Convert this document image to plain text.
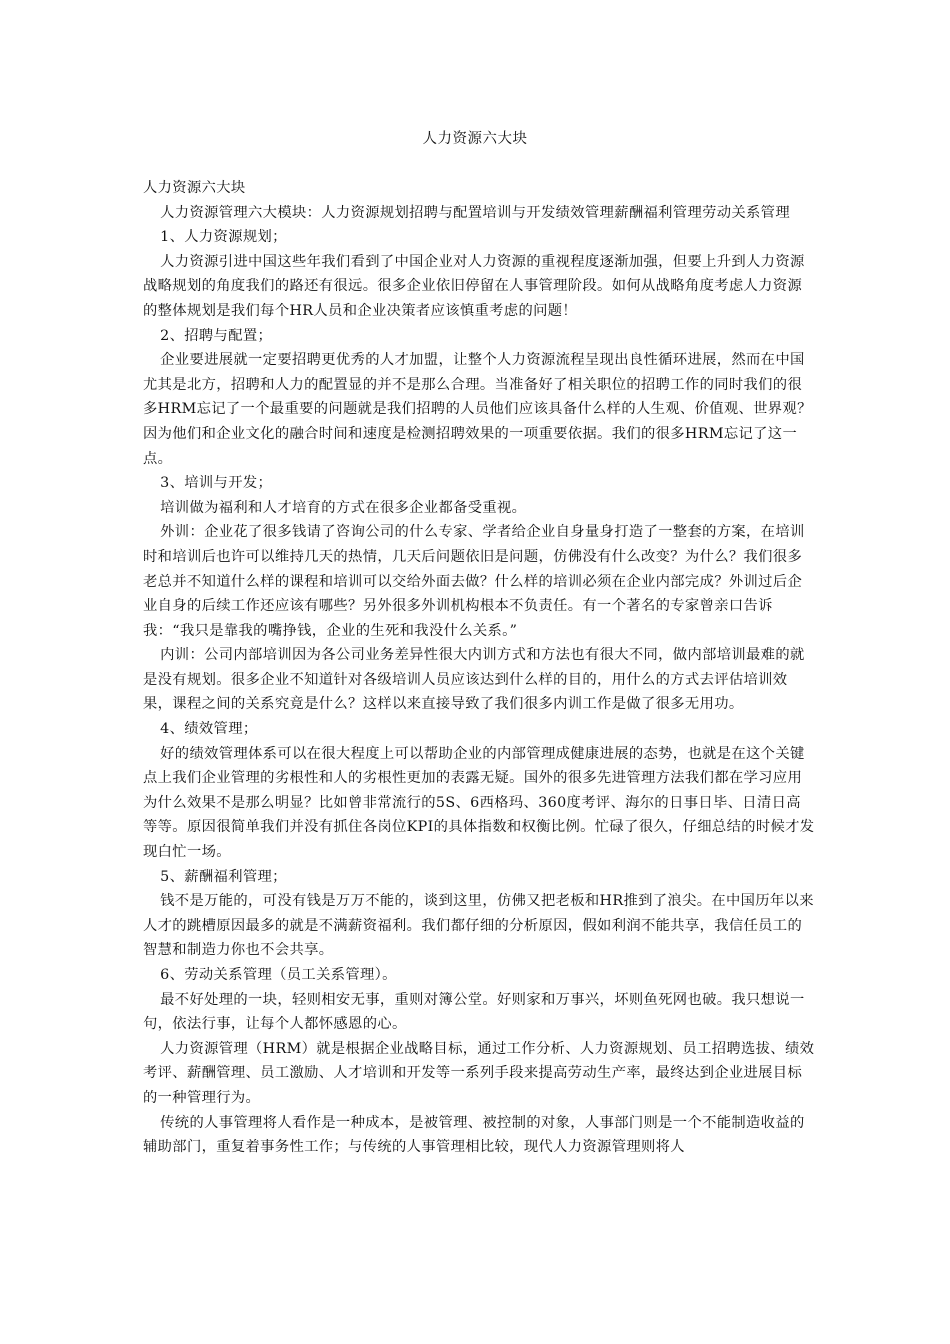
人力资源六大块

人力资源六大块

人力资源管理六大模块：人力资源规划招聘与配置培训与开发绩效管理薪酬福利管理劳动关系管理

1、人力资源规划；

人力资源引进中国这些年我们看到了中国企业对人力资源的重视程度逐渐加强，但要上升到人力资源战略规划的角度我们的路还有很远。很多企业依旧停留在人事管理阶段。如何从战略角度考虑人力资源的整体规划是我们每个HR人员和企业决策者应该慎重考虑的问题！

2、招聘与配置；

企业要进展就一定要招聘更优秀的人才加盟，让整个人力资源流程呈现出良性循环进展，然而在中国尤其是北方，招聘和人力的配置显的并不是那么合理。当准备好了相关职位的招聘工作的同时我们的很多HRM忘记了一个最重要的问题就是我们招聘的人员他们应该具备什么样的人生观、价值观、世界观？因为他们和企业文化的融合时间和速度是检测招聘效果的一项重要依据。我们的很多HRM忘记了这一点。

3、培训与开发；

培训做为福利和人才培育的方式在很多企业都备受重视。

外训：企业花了很多钱请了咨询公司的什么专家、学者给企业自身量身打造了一整套的方案，在培训时和培训后也许可以维持几天的热情，几天后问题依旧是问题，仿佛没有什么改变？为什么？我们很多老总并不知道什么样的课程和培训可以交给外面去做？什么样的培训必须在企业内部完成？外训过后企业自身的后续工作还应该有哪些？另外很多外训机构根本不负责任。有一个著名的专家曾亲口告诉我：“我只是靠我的嘴挣钱，企业的生死和我没什么关系。”

内训：公司内部培训因为各公司业务差异性很大内训方式和方法也有很大不同，做内部培训最难的就是没有规划。很多企业不知道针对各级培训人员应该达到什么样的目的，用什么的方式去评估培训效果，课程之间的关系究竟是什么？这样以来直接导致了我们很多内训工作是做了很多无用功。

4、绩效管理；

好的绩效管理体系可以在很大程度上可以帮助企业的内部管理成健康进展的态势，也就是在这个关键点上我们企业管理的劣根性和人的劣根性更加的表露无疑。国外的很多先进管理方法我们都在学习应用为什么效果不是那么明显？比如曾非常流行的5S、6西格玛、360度考评、海尔的日事日毕、日清日高等等。原因很简单我们并没有抓住各岗位KPI的具体指数和权衡比例。忙碌了很久，仔细总结的时候才发现白忙一场。

5、薪酬福利管理；

钱不是万能的，可没有钱是万万不能的，谈到这里，仿佛又把老板和HR推到了浪尖。在中国历年以来人才的跳槽原因最多的就是不满薪资福利。我们都仔细的分析原因，假如利润不能共享，我信任员工的智慧和制造力你也不会共享。

6、劳动关系管理（员工关系管理）。

最不好处理的一块，轻则相安无事，重则对簿公堂。好则家和万事兴，坏则鱼死网也破。我只想说一句，依法行事，让每个人都怀感恩的心。

人力资源管理（HRM）就是根据企业战略目标，通过工作分析、人力资源规划、员工招聘选拔、绩效考评、薪酬管理、员工激励、人才培训和开发等一系列手段来提高劳动生产率，最终达到企业进展目标的一种管理行为。

传统的人事管理将人看作是一种成本，是被管理、被控制的对象，人事部门则是一个不能制造收益的辅助部门，重复着事务性工作；与传统的人事管理相比较，现代人力资源管理则将人
